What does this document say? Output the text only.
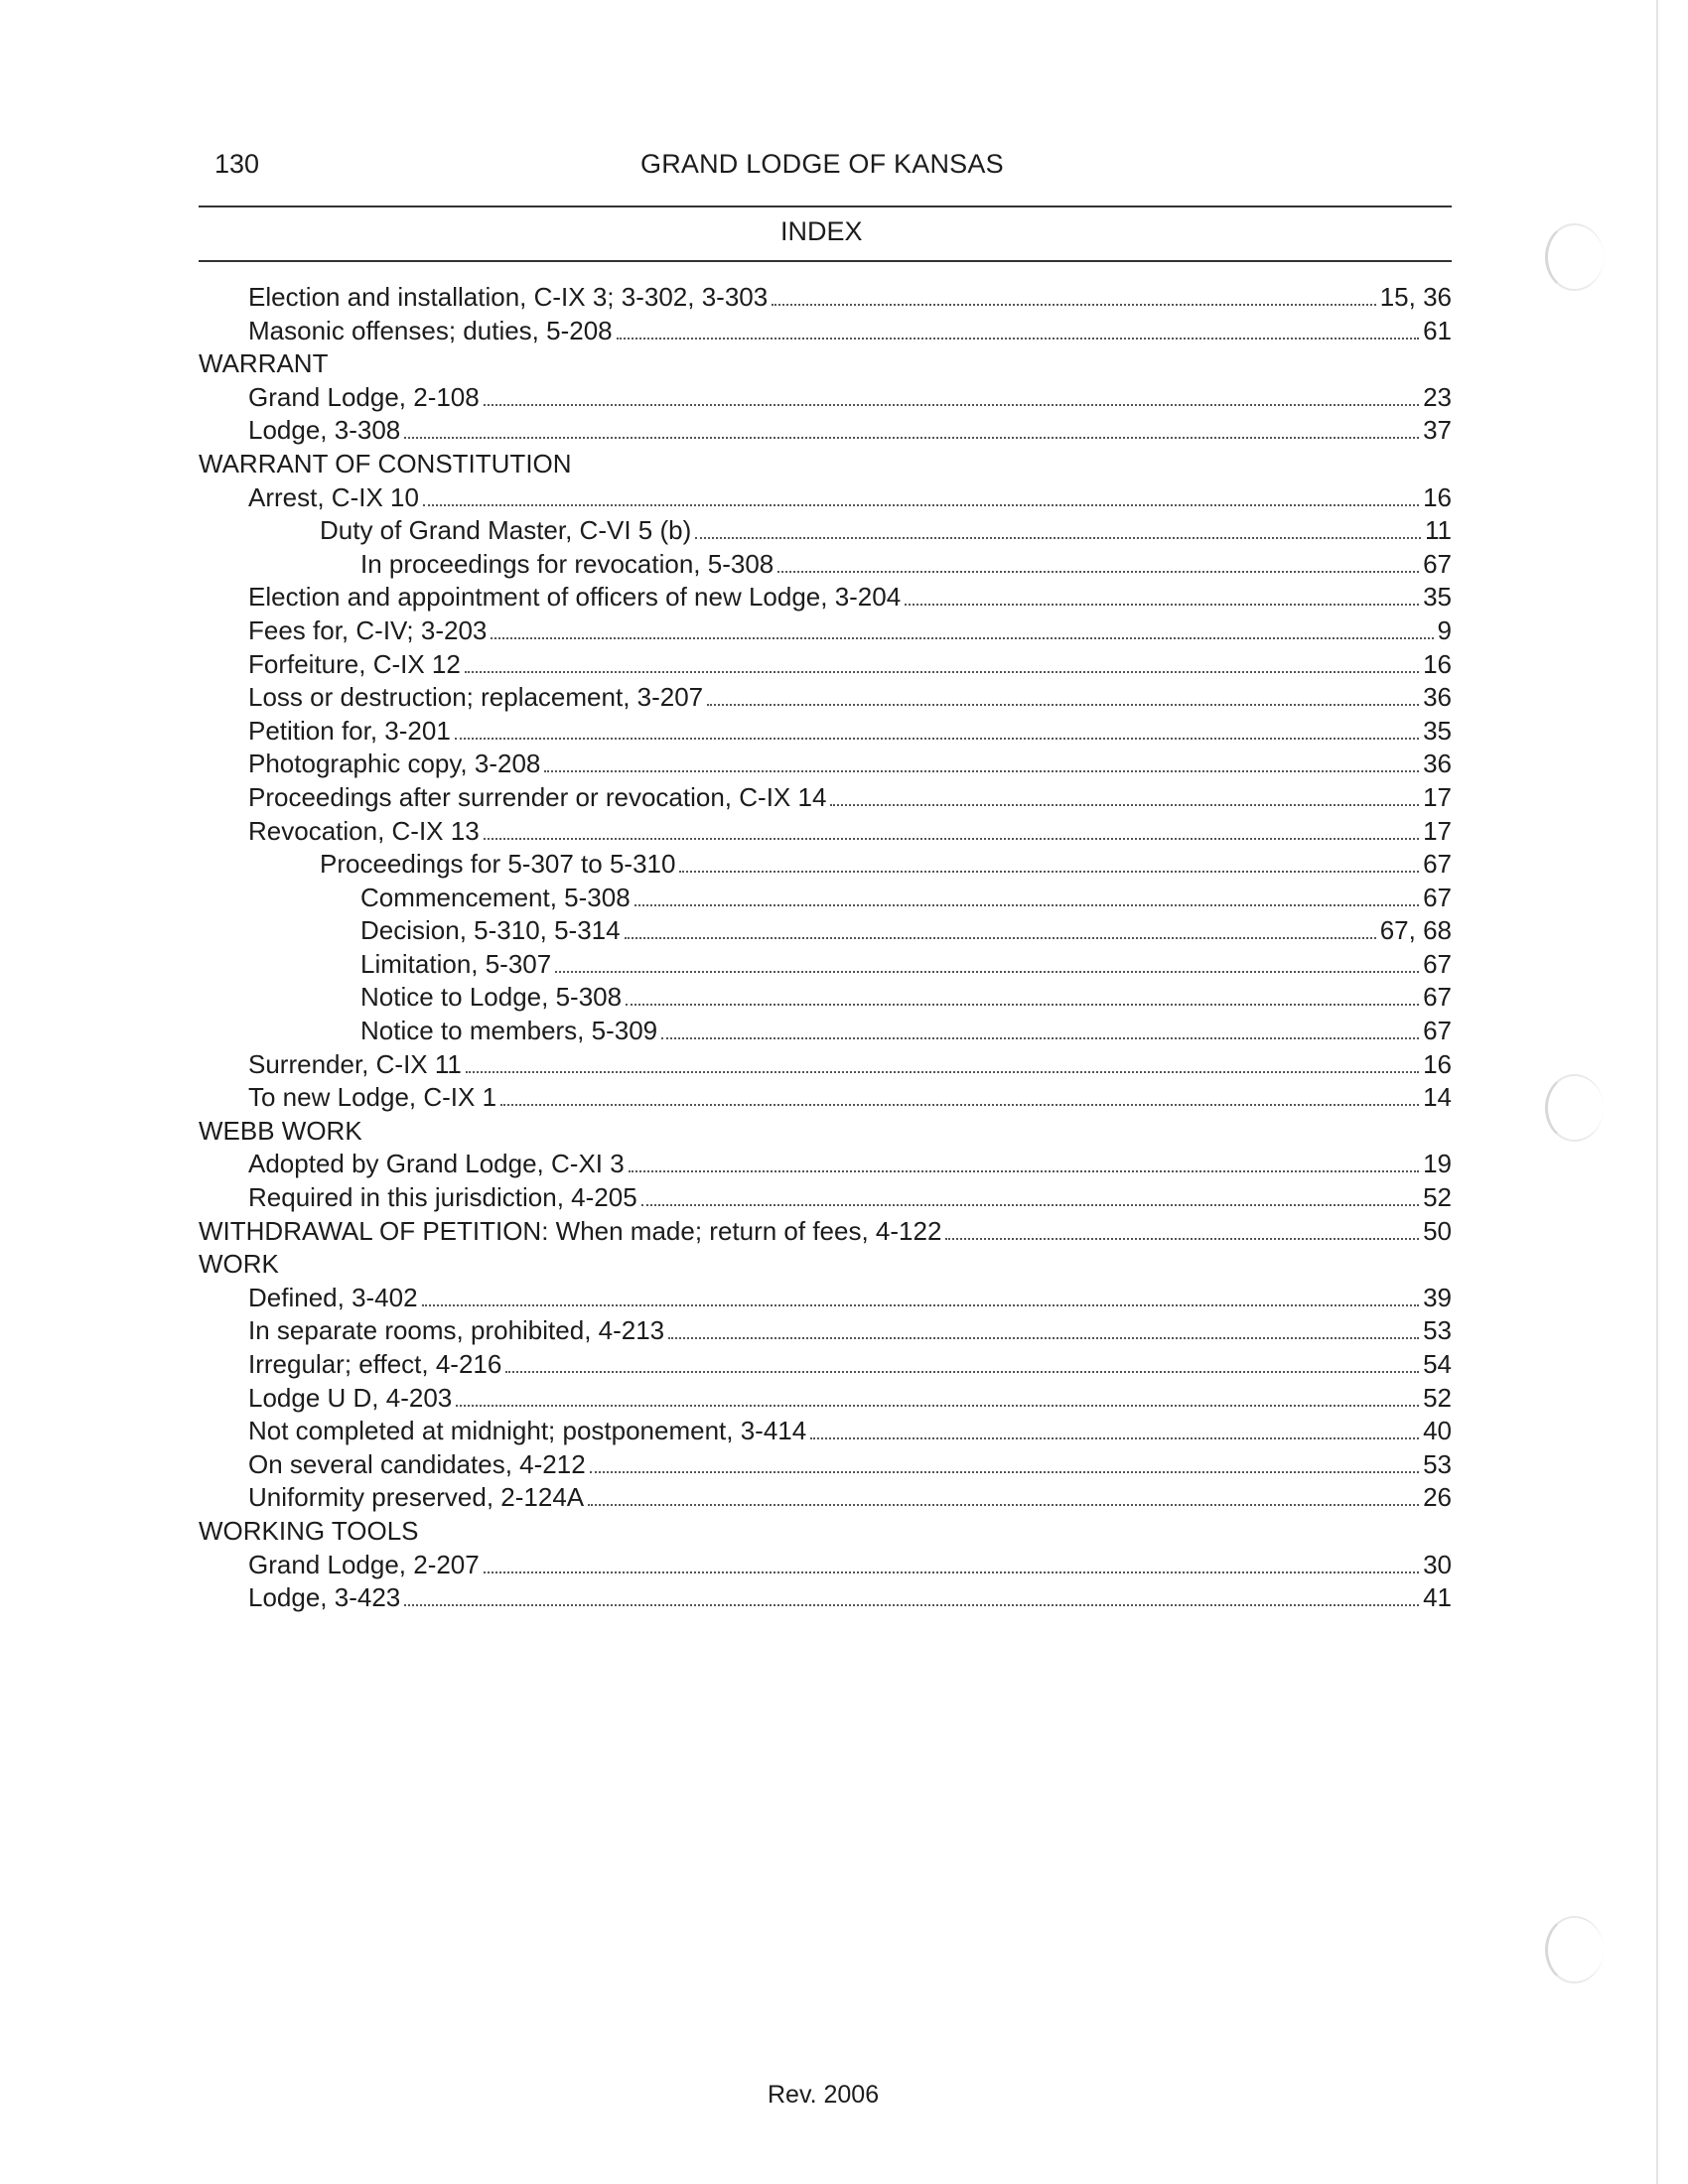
130	GRAND LODGE OF KANSAS
INDEX
Election and installation, C-IX 3; 3-302, 3-303	15, 36
Masonic offenses; duties, 5-208	61
WARRANT
Grand Lodge, 2-108	23
Lodge, 3-308	37
WARRANT OF CONSTITUTION
Arrest, C-IX 10	16
Duty of Grand Master, C-VI 5 (b)	11
In proceedings for revocation, 5-308	67
Election and appointment of officers of new Lodge, 3-204	35
Fees for, C-IV; 3-203	9
Forfeiture, C-IX 12	16
Loss or destruction; replacement, 3-207	36
Petition for, 3-201	35
Photographic copy, 3-208	36
Proceedings after surrender or revocation, C-IX 14	17
Revocation, C-IX 13	17
Proceedings for 5-307 to 5-310	67
Commencement, 5-308	67
Decision, 5-310, 5-314	67, 68
Limitation, 5-307	67
Notice to Lodge, 5-308	67
Notice to members, 5-309	67
Surrender, C-IX 11	16
To new Lodge, C-IX 1	14
WEBB WORK
Adopted by Grand Lodge, C-XI 3	19
Required in this jurisdiction, 4-205	52
WITHDRAWAL OF PETITION: When made; return of fees, 4-122	50
WORK
Defined, 3-402	39
In separate rooms, prohibited, 4-213	53
Irregular; effect, 4-216	54
Lodge U D, 4-203	52
Not completed at midnight; postponement, 3-414	40
On several candidates, 4-212	53
Uniformity preserved, 2-124A	26
WORKING TOOLS
Grand Lodge, 2-207	30
Lodge, 3-423	41
Rev. 2006
